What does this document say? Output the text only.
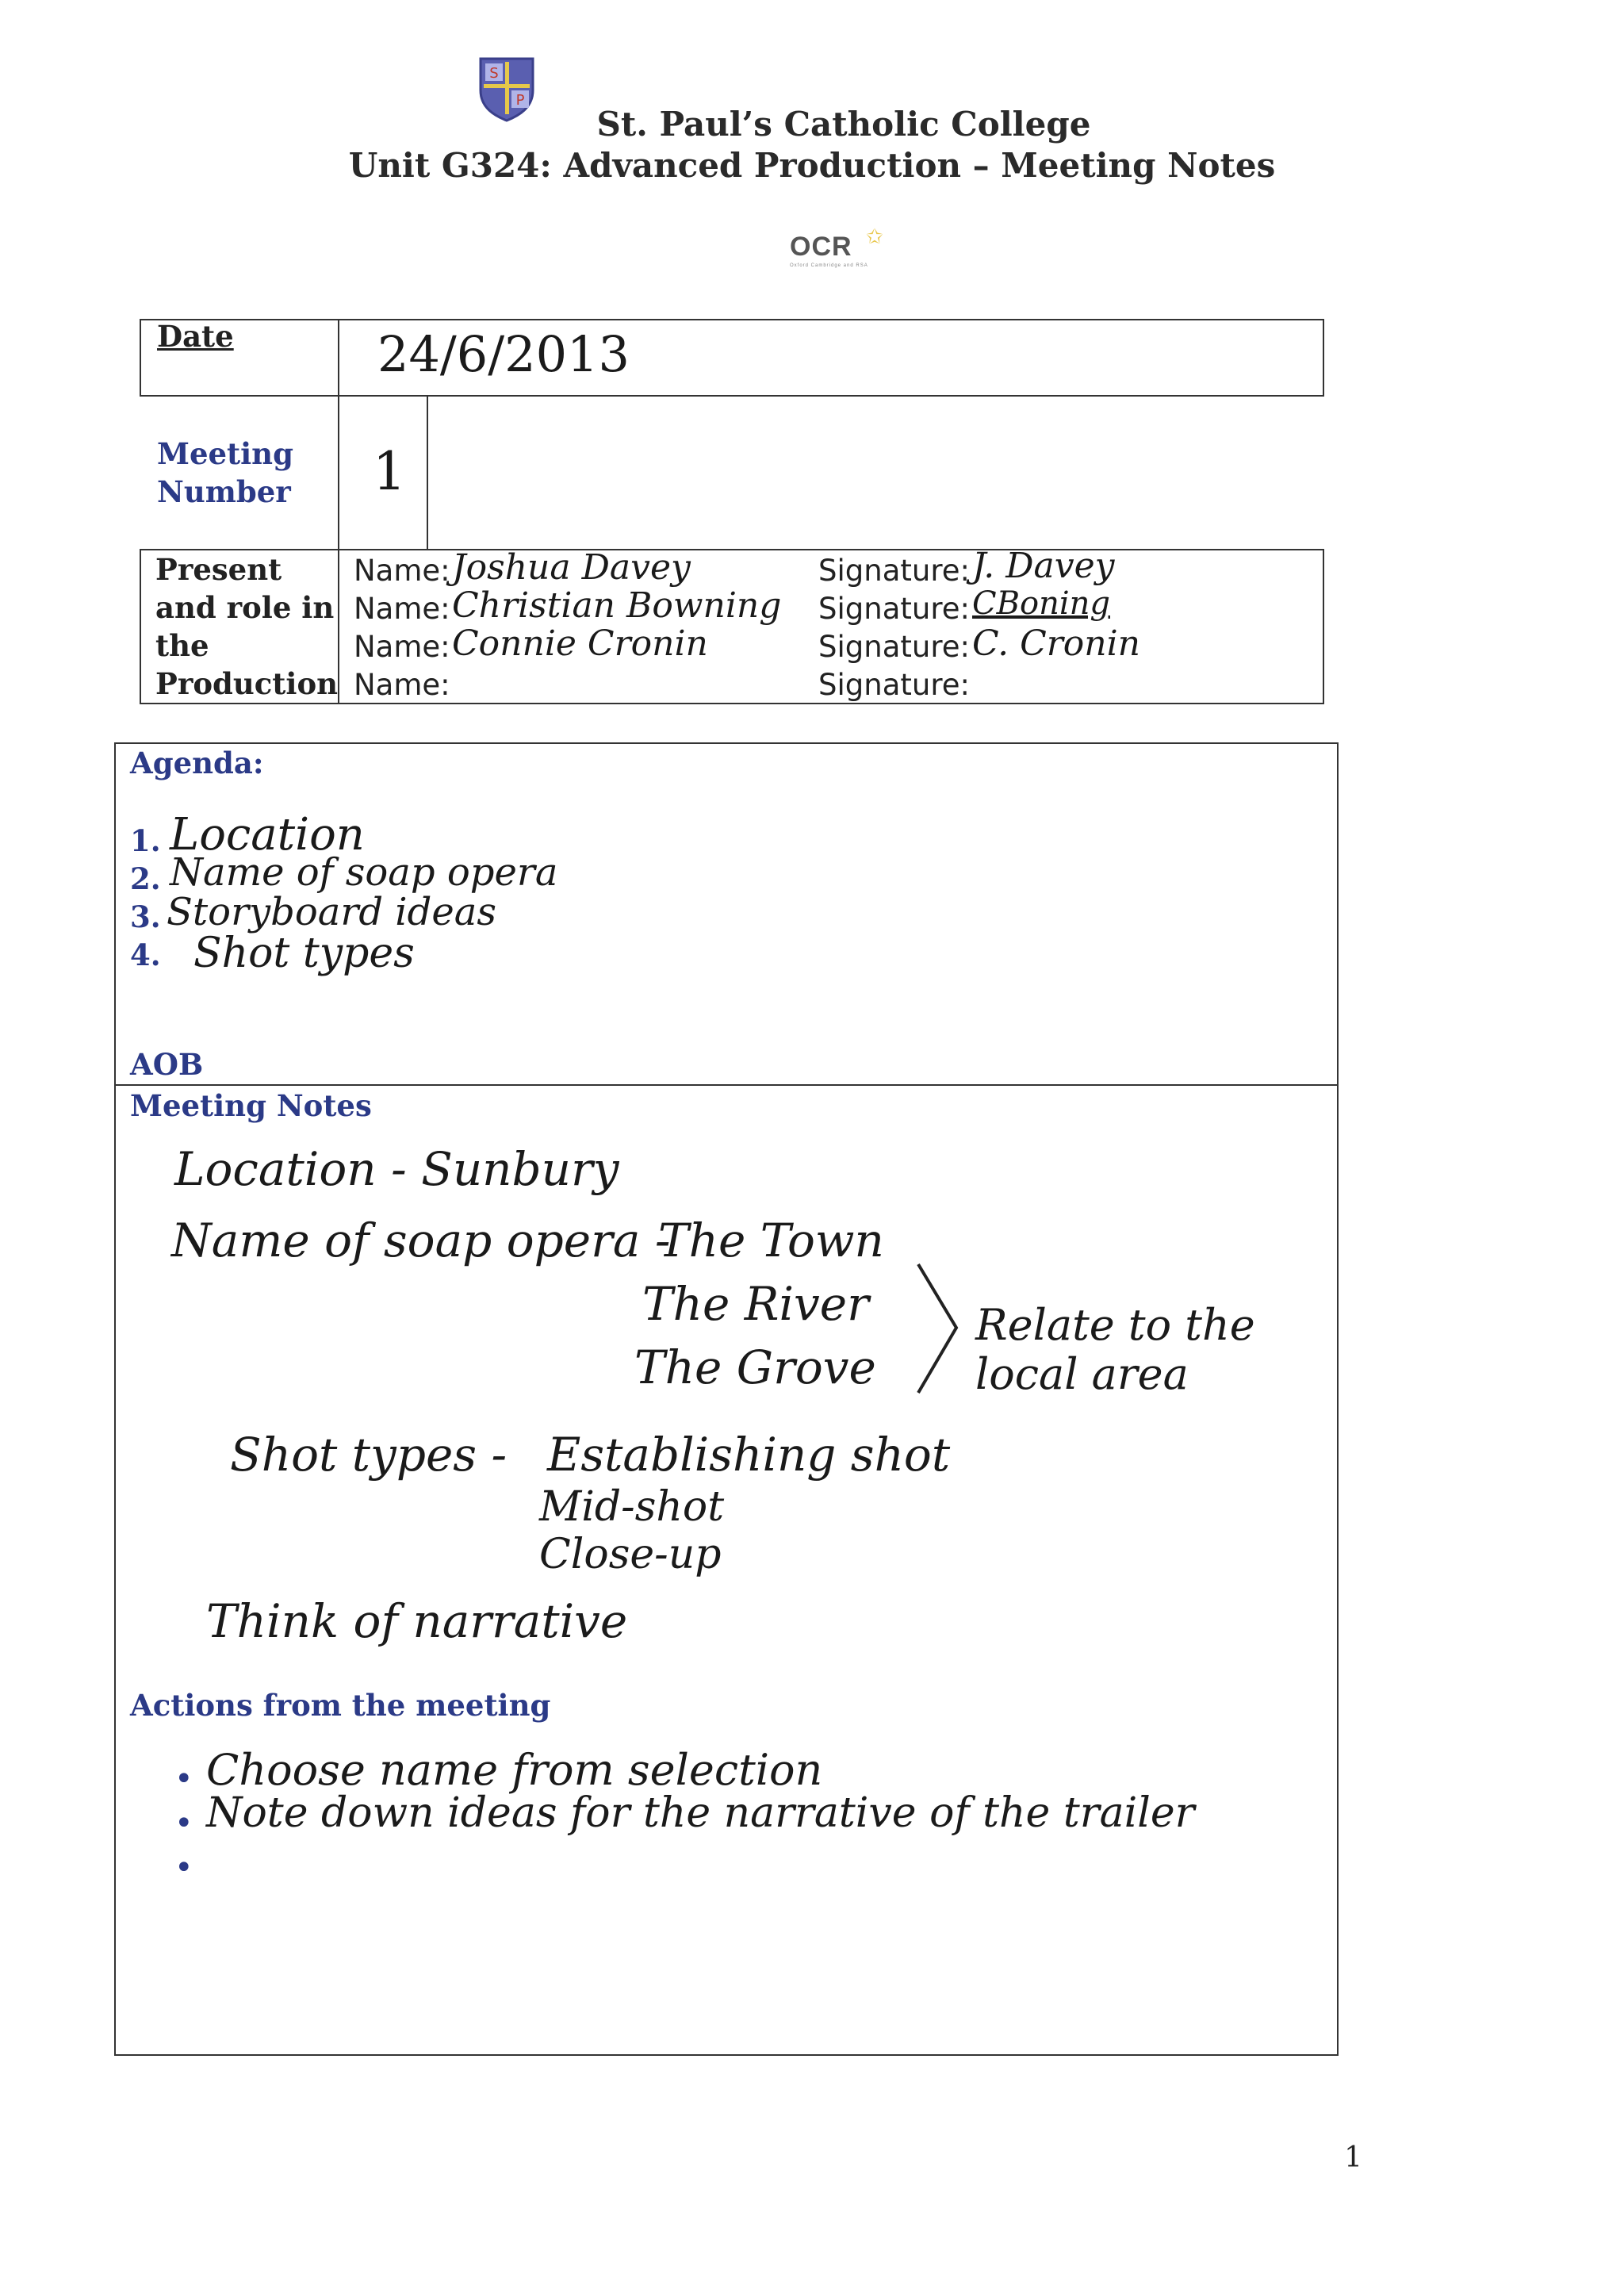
S
P
St. Paul’s Catholic College
Unit G324: Advanced Production – Meeting Notes
OCR ✩
Oxford Cambridge and RSA
Date	24/6/2013
Meeting Number	1
Present and role in the Production
Name: Joshua Davey	Signature: J. Davey
Name: Christian Bowning Signature: CBoning
Name: Connie Cronin	Signature: C. Cronin
Name:	Signature:
Agenda:
1. Location
2. Name of soap opera
3. Storyboard ideas
4. Shot types
AOB
Meeting Notes
Location - Sunbury
Name of soap opera -
The Town
The River
The Grove
Relate to the local area
Shot types - Establishing shot
Mid-shot
Close-up
Think of narrative
Actions from the meeting
• Choose name from selection
• Note down ideas for the narrative of the trailer
•
1
